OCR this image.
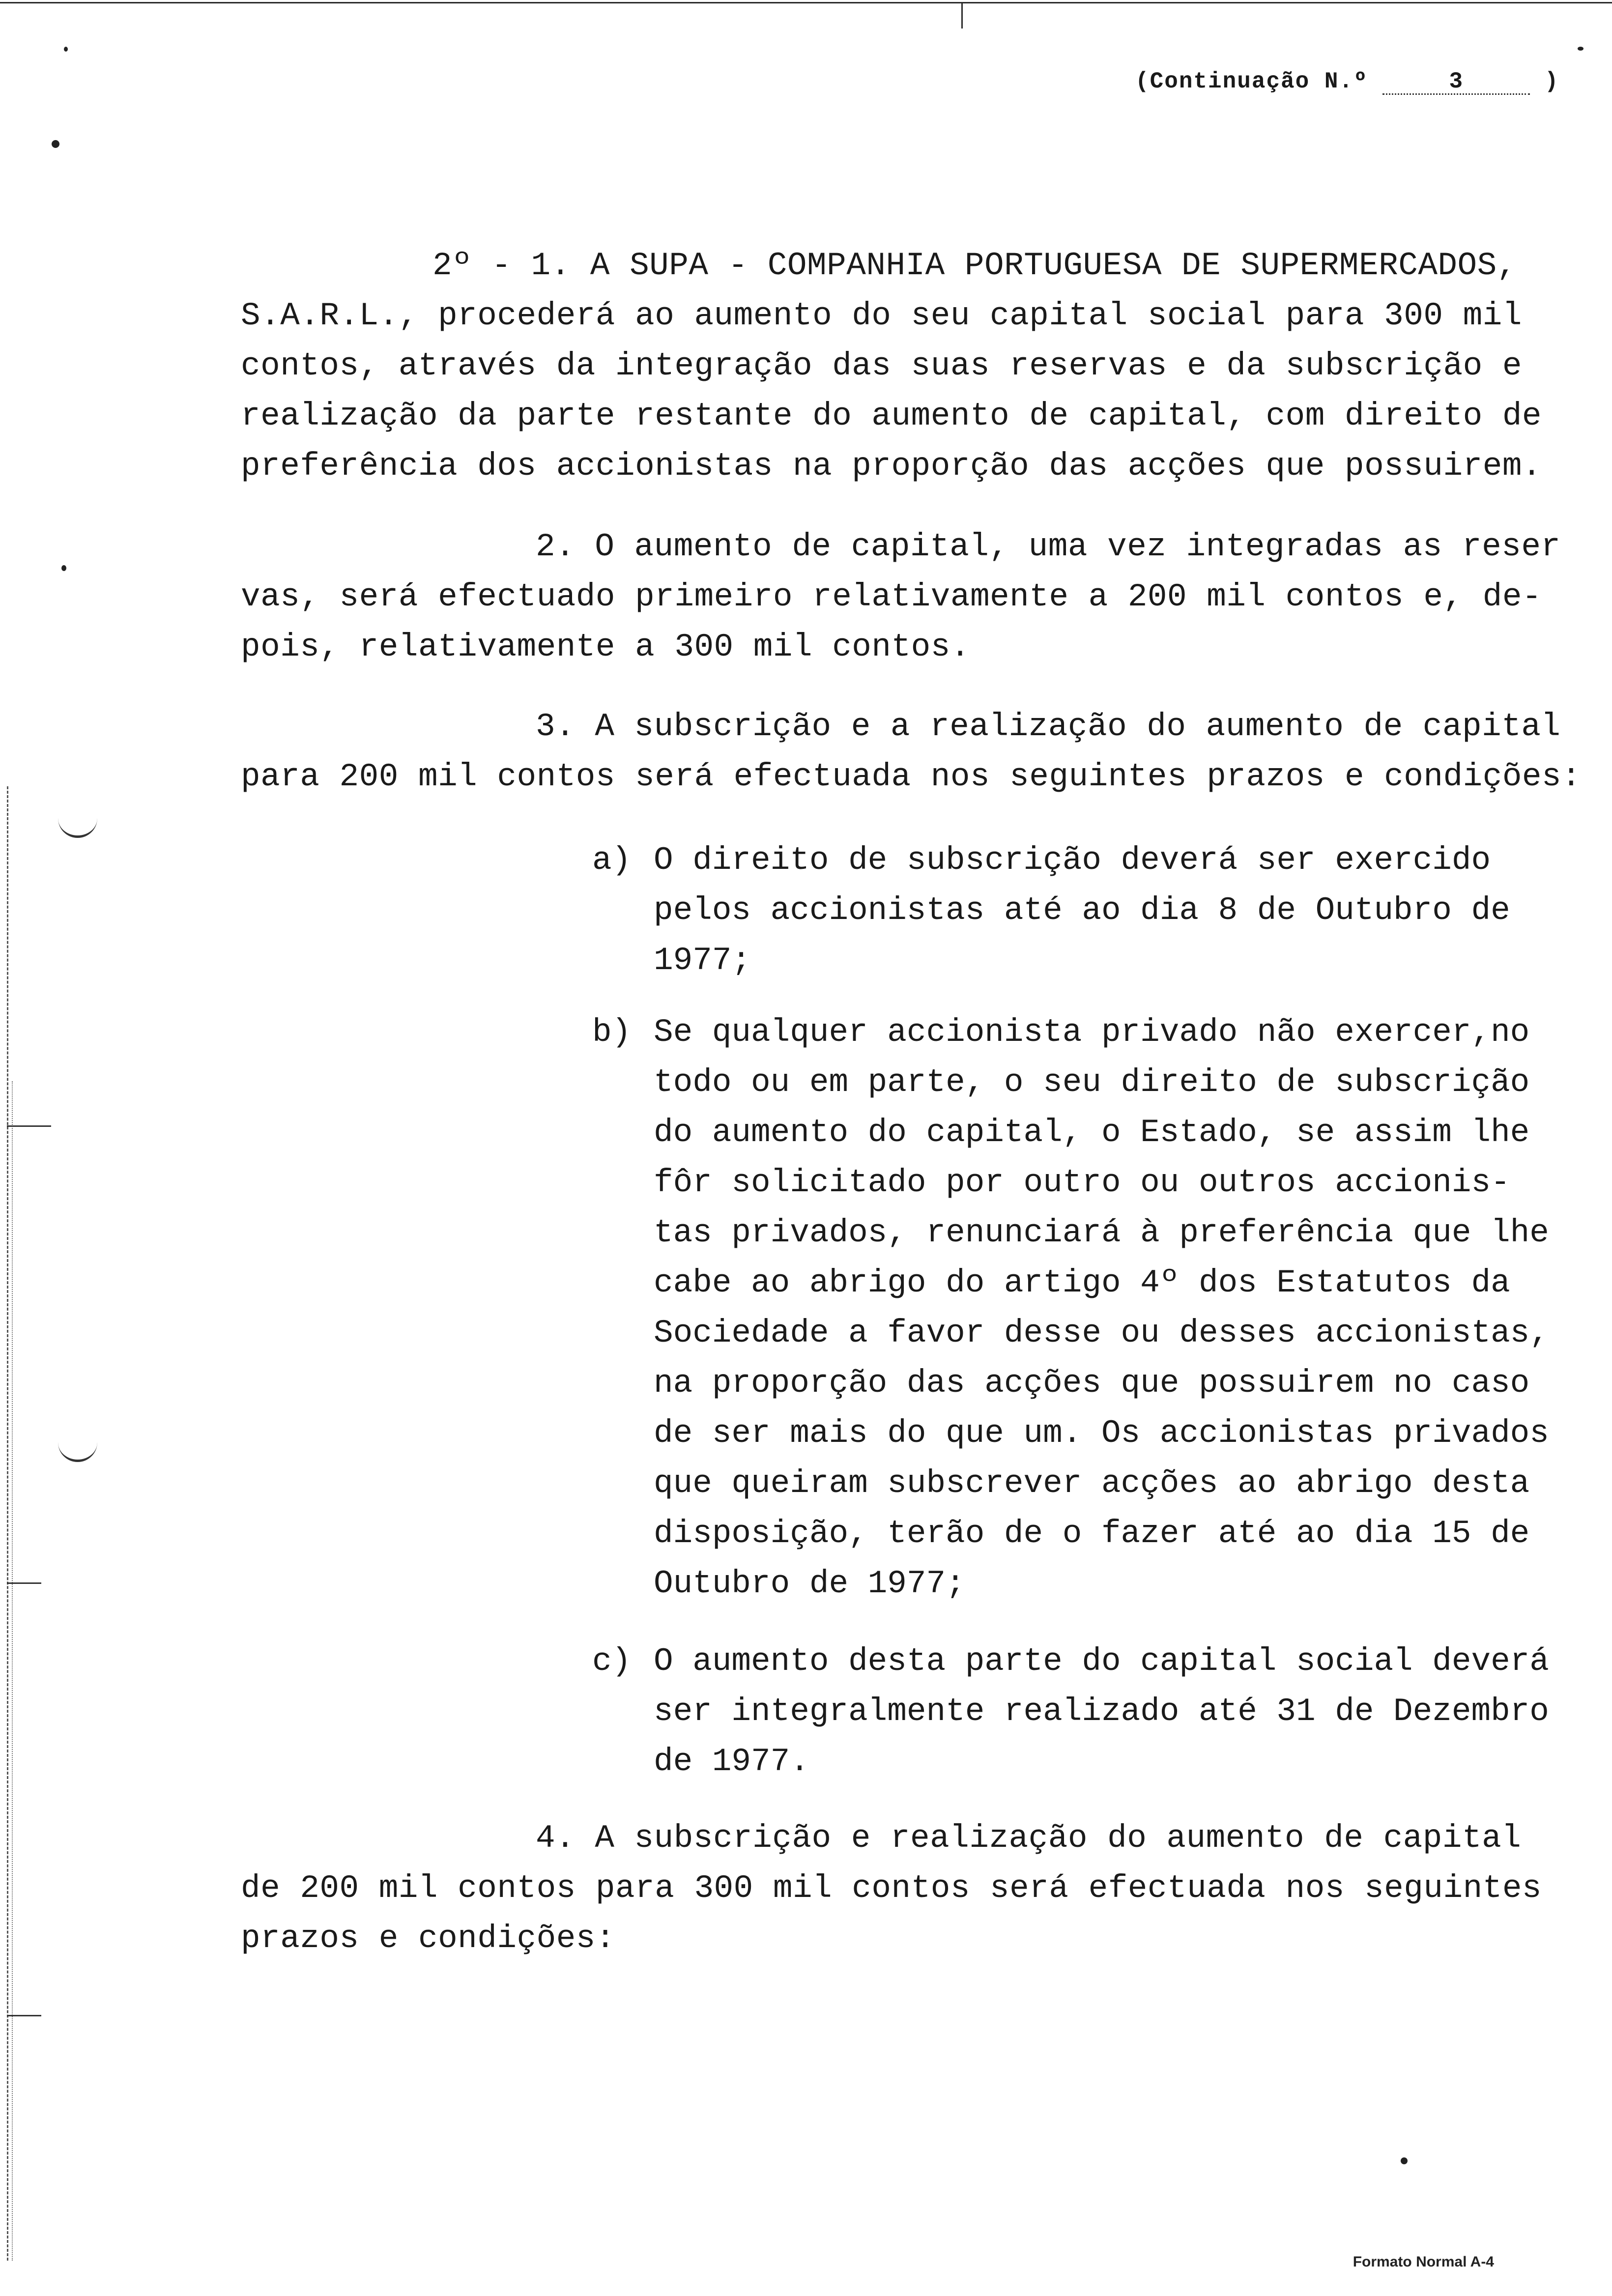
(Continuação N.º	3	)
2º - 1. A SUPA - COMPANHIA PORTUGUESA DE SUPERMERCADOS,
S.A.R.L., procederá ao aumento do seu capital social para 300 mil
contos, através da integração das suas reservas e da subscrição e
realização da parte restante do aumento de capital, com direito de
preferência dos accionistas na proporção das acções que possuirem.
2. O aumento de capital, uma vez integradas as reser
vas, será efectuado primeiro relativamente a 200 mil contos e, de-
pois, relativamente a 300 mil contos.
3. A subscrição e a realização do aumento de capital
para 200 mil contos será efectuada nos seguintes prazos e condições:
a) O direito de subscrição deverá ser exercido
pelos accionistas até ao dia 8 de Outubro de
1977;
b) Se qualquer accionista privado não exercer,no
todo ou em parte, o seu direito de subscrição
do aumento do capital, o Estado, se assim lhe
fôr solicitado por outro ou outros accionis-
tas privados, renunciará à preferência que lhe
cabe ao abrigo do artigo 4º dos Estatutos da
Sociedade a favor desse ou desses accionistas,
na proporção das acções que possuirem no caso
de ser mais do que um. Os accionistas privados
que queiram subscrever acções ao abrigo desta
disposição, terão de o fazer até ao dia 15 de
Outubro de 1977;
c) O aumento desta parte do capital social deverá
ser integralmente realizado até 31 de Dezembro
de 1977.
4. A subscrição e realização do aumento de capital
de 200 mil contos para 300 mil contos será efectuada nos seguintes
prazos e condições:
Formato Normal A-4
